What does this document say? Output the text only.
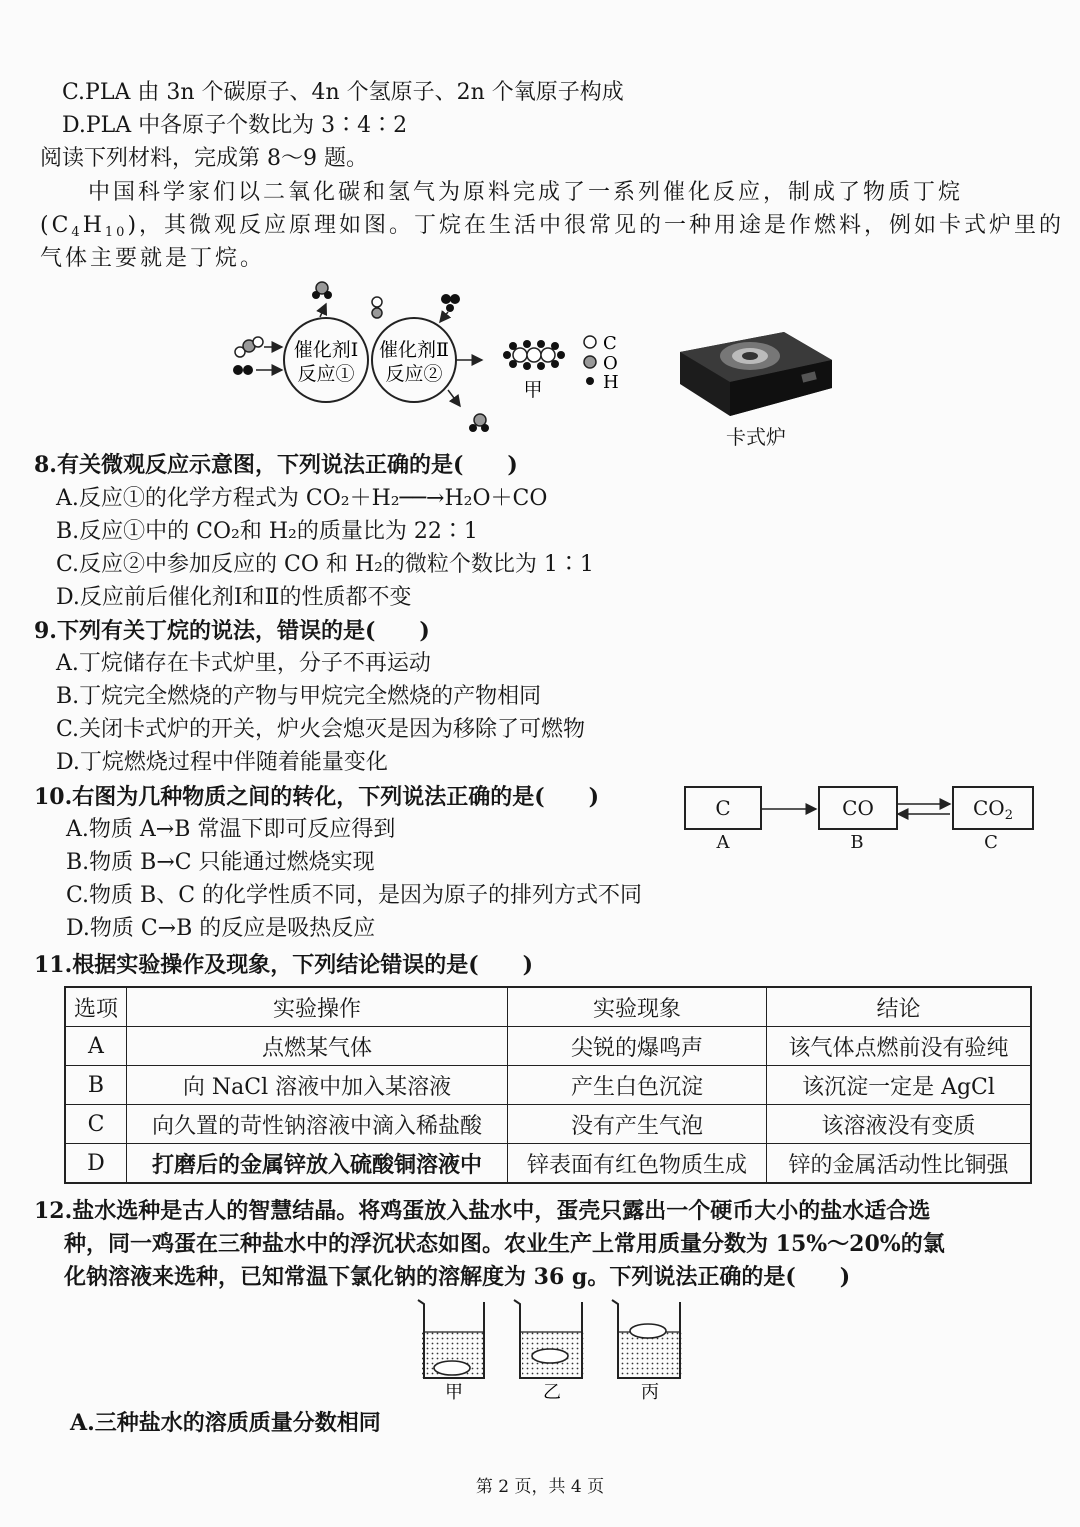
C.PLA 由 3n 个碳原子、4n 个氢原子、2n 个氧原子构成
D.PLA 中各原子个数比为 3∶4∶2
阅读下列材料，完成第 8～9 题。
中国科学家们以二氧化碳和氢气为原料完成了一系列催化反应，制成了物质丁烷
$(C_4H_{10})$，其微观反应原理如图。丁烷在生活中很常见的一种用途是作燃料，例如卡式炉里的
气体主要就是丁烷。
催化剂Ⅰ
反应①
催化剂Ⅱ
反应②
甲
C
O
H
卡式炉
8.有关微观反应示意图，下列说法正确的是(　　)
A.反应①的化学方程式为 CO₂＋H₂──→H₂O＋CO
B.反应①中的 CO₂和 H₂的质量比为 22∶1
C.反应②中参加反应的 CO 和 H₂的微粒个数比为 1∶1
D.反应前后催化剂Ⅰ和Ⅱ的性质都不变
9.下列有关丁烷的说法，错误的是(　　)
A.丁烷储存在卡式炉里，分子不再运动
B.丁烷完全燃烧的产物与甲烷完全燃烧的产物相同
C.关闭卡式炉的开关，炉火会熄灭是因为移除了可燃物
D.丁烷燃烧过程中伴随着能量变化
10.右图为几种物质之间的转化，下列说法正确的是(　　)
A.物质 A→B 常温下即可反应得到
B.物质 B→C 只能通过燃烧实现
C.物质 B、C 的化学性质不同，是因为原子的排列方式不同
D.物质 C→B 的反应是吸热反应
C	CO	$CO_2$
A	B	C
11.根据实验操作及现象，下列结论错误的是(　　)
选项	实验操作	实验现象	结论
A	点燃某气体	尖锐的爆鸣声	该气体点燃前没有验纯
B	向 NaCl 溶液中加入某溶液	产生白色沉淀	该沉淀一定是 AgCl
C	向久置的苛性钠溶液中滴入稀盐酸	没有产生气泡	该溶液没有变质
D	打磨后的金属锌放入硫酸铜溶液中	锌表面有红色物质生成	锌的金属活动性比铜强
12.盐水选种是古人的智慧结晶。将鸡蛋放入盐水中，蛋壳只露出一个硬币大小的盐水适合选
种，同一鸡蛋在三种盐水中的浮沉状态如图。农业生产上常用质量分数为 15%～20%的氯
化钠溶液来选种，已知常温下氯化钠的溶解度为 36 g。下列说法正确的是(　　)
甲	乙	丙
A.三种盐水的溶质质量分数相同
第 2 页，共 4 页
